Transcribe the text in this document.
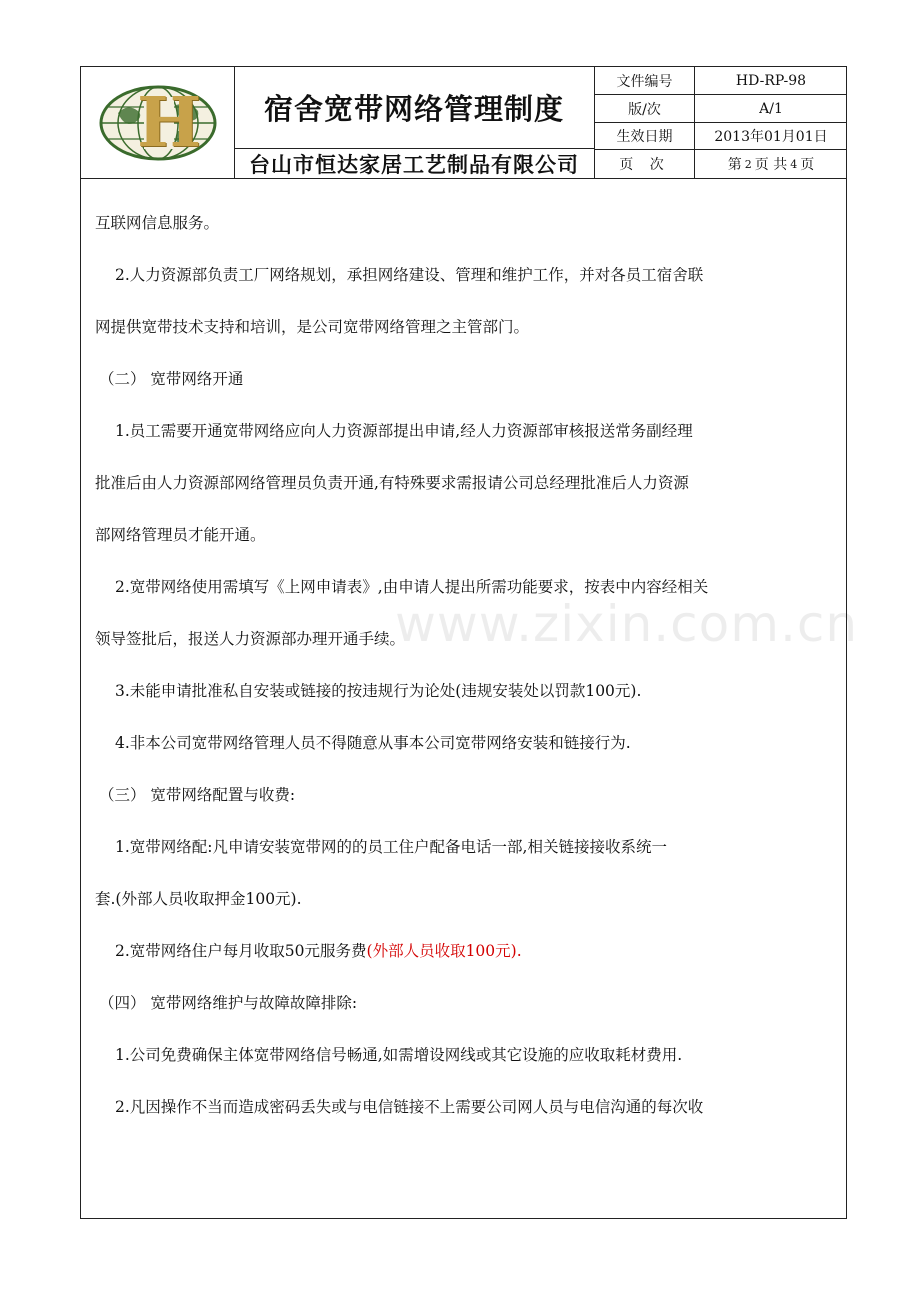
H	宿舍宽带网络管理制度
台山市恒达家居工艺制品有限公司
文件编号	HD-RP-98
版/次	A/1
生效日期	2013年01月01日
页 次	第 2 页 共 4 页
www.zixin.com.cn

互联网信息服务。

2.人力资源部负责工厂网络规划，承担网络建设、管理和维护工作，并对各员工宿舍联

网提供宽带技术支持和培训，是公司宽带网络管理之主管部门。

（二） 宽带网络开通

1.员工需要开通宽带网络应向人力资源部提出申请,经人力资源部审核报送常务副经理

批准后由人力资源部网络管理员负责开通,有特殊要求需报请公司总经理批准后人力资源

部网络管理员才能开通。

2.宽带网络使用需填写《上网申请表》,由申请人提出所需功能要求，按表中内容经相关

领导签批后，报送人力资源部办理开通手续。

3.未能申请批准私自安装或链接的按违规行为论处(违规安装处以罚款100元).

4.非本公司宽带网络管理人员不得随意从事本公司宽带网络安装和链接行为.

（三） 宽带网络配置与收费:

1.宽带网络配:凡申请安装宽带网的的员工住户配备电话一部,相关链接接收系统一

套.(外部人员收取押金100元).

2.宽带网络住户每月收取50元服务费(外部人员收取100元).

（四） 宽带网络维护与故障故障排除:

1.公司免费确保主体宽带网络信号畅通,如需增设网线或其它设施的应收取耗材费用.

2.凡因操作不当而造成密码丢失或与电信链接不上需要公司网人员与电信沟通的每次收
